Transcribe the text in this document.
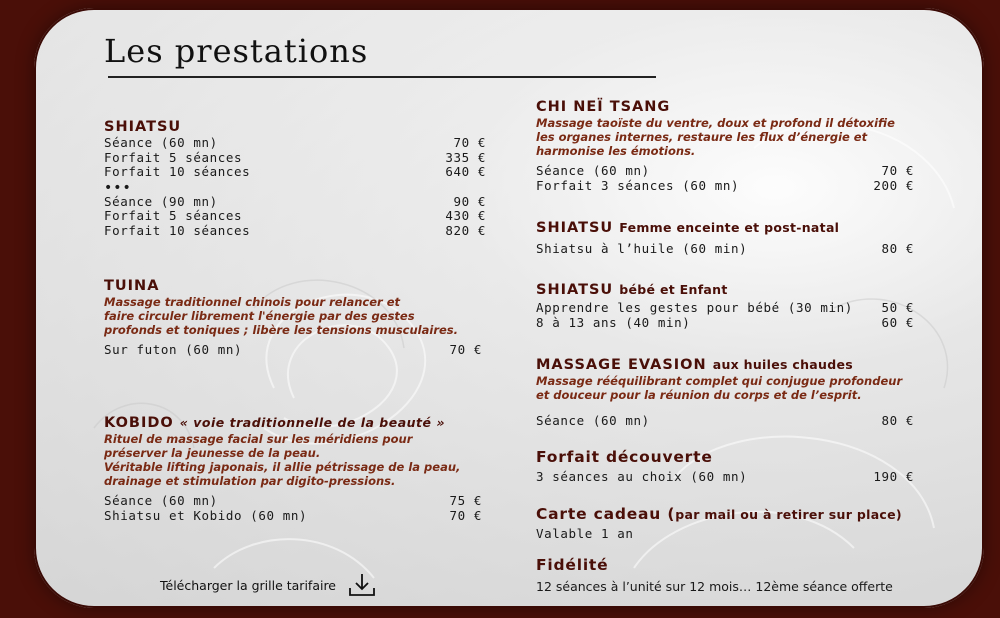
Les prestations
SHIATSU
Séance (60 mn)	70 €
Forfait 5 séances	335 €
Forfait 10 séances	640 €
•••
Séance (90 mn)	90 €
Forfait 5 séances	430 €
Forfait 10 séances	820 €
TUINA
Massage traditionnel chinois pour relancer et
faire circuler librement l'énergie par des gestes
profonds et toniques ; libère les tensions musculaires.
Sur futon (60 mn)	70 €
KOBIDO « voie traditionnelle de la beauté »
Rituel de massage facial sur les méridiens pour
préserver la jeunesse de la peau.
Véritable lifting japonais, il allie pétrissage de la peau,
drainage et stimulation par digito-pressions.
Séance (60 mn)	75 €
Shiatsu et Kobido (60 mn)	70 €
Télécharger la grille tarifaire
CHI NEÏ TSANG
Massage taoïste du ventre, doux et profond il détoxifie
les organes internes, restaure les flux d’énergie et
harmonise les émotions.
Séance (60 mn)	70 €
Forfait 3 séances (60 mn)	200 €
SHIATSU Femme enceinte et post-natal
Shiatsu à l’huile (60 min)	80 €
SHIATSU bébé et Enfant
Apprendre les gestes pour bébé (30 min) 50 €
8 à 13 ans (40 min)	60 €
MASSAGE EVASION aux huiles chaudes
Massage rééquilibrant complet qui conjugue profondeur
et douceur pour la réunion du corps et de l’esprit.
Séance (60 mn)	80 €
Forfait découverte
3 séances au choix (60 mn)	190 €
Carte cadeau (par mail ou à retirer sur place)
Valable 1 an
Fidélité
12 séances à l’unité sur 12 mois… 12ème séance offerte
